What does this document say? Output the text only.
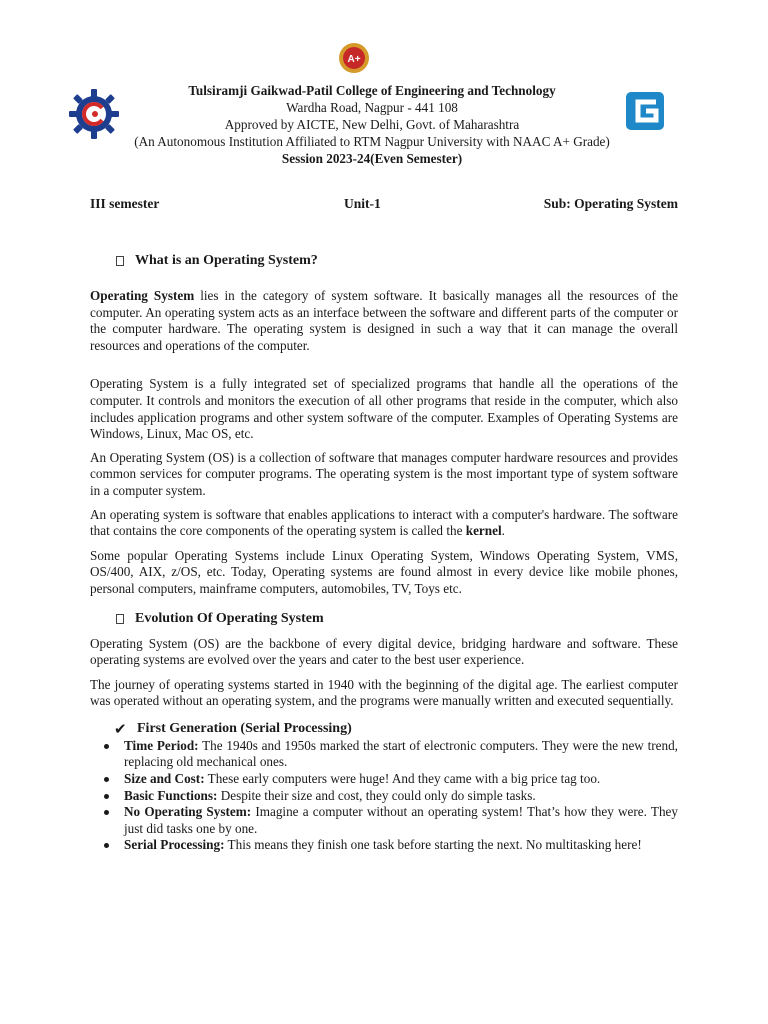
A+
Tulsiramji Gaikwad-Patil College of Engineering and Technology
Wardha Road, Nagpur - 441 108
Approved by AICTE, New Delhi, Govt. of Maharashtra
(An Autonomous Institution Affiliated to RTM Nagpur University with NAAC A+ Grade)
Session 2023-24(Even Semester)
III semester	Unit-1	Sub: Operating System
What is an Operating System?

Operating System lies in the category of system software. It basically manages all the resources of the computer. An operating system acts as an interface between the software and different parts of the computer or the computer hardware. The operating system is designed in such a way that it can manage the overall resources and operations of the computer.

Operating System is a fully integrated set of specialized programs that handle all the operations of the computer. It controls and monitors the execution of all other programs that reside in the computer, which also includes application programs and other system software of the computer. Examples of Operating Systems are Windows, Linux, Mac OS, etc.

An Operating System (OS) is a collection of software that manages computer hardware resources and provides common services for computer programs. The operating system is the most important type of system software in a computer system.

An operating system is software that enables applications to interact with a computer's hardware. The software that contains the core components of the operating system is called the kernel.

Some popular Operating Systems include Linux Operating System, Windows Operating System, VMS, OS/400, AIX, z/OS, etc. Today, Operating systems are found almost in every device like mobile phones, personal computers, mainframe computers, automobiles, TV, Toys etc.

Evolution Of Operating System

Operating System (OS) are the backbone of every digital device, bridging hardware and software. These operating systems are evolved over the years and cater to the best user experience.

The journey of operating systems started in 1940 with the beginning of the digital age. The earliest computer was operated without an operating system, and the programs were manually written and executed sequentially.

✔ First Generation (Serial Processing)
Time Period: The 1940s and 1950s marked the start of electronic computers. They were the new trend, replacing old mechanical ones.
Size and Cost: These early computers were huge! And they came with a big price tag too.
Basic Functions: Despite their size and cost, they could only do simple tasks.
No Operating System: Imagine a computer without an operating system! That’s how they were. They just did tasks one by one.
Serial Processing: This means they finish one task before starting the next. No multitasking here!
